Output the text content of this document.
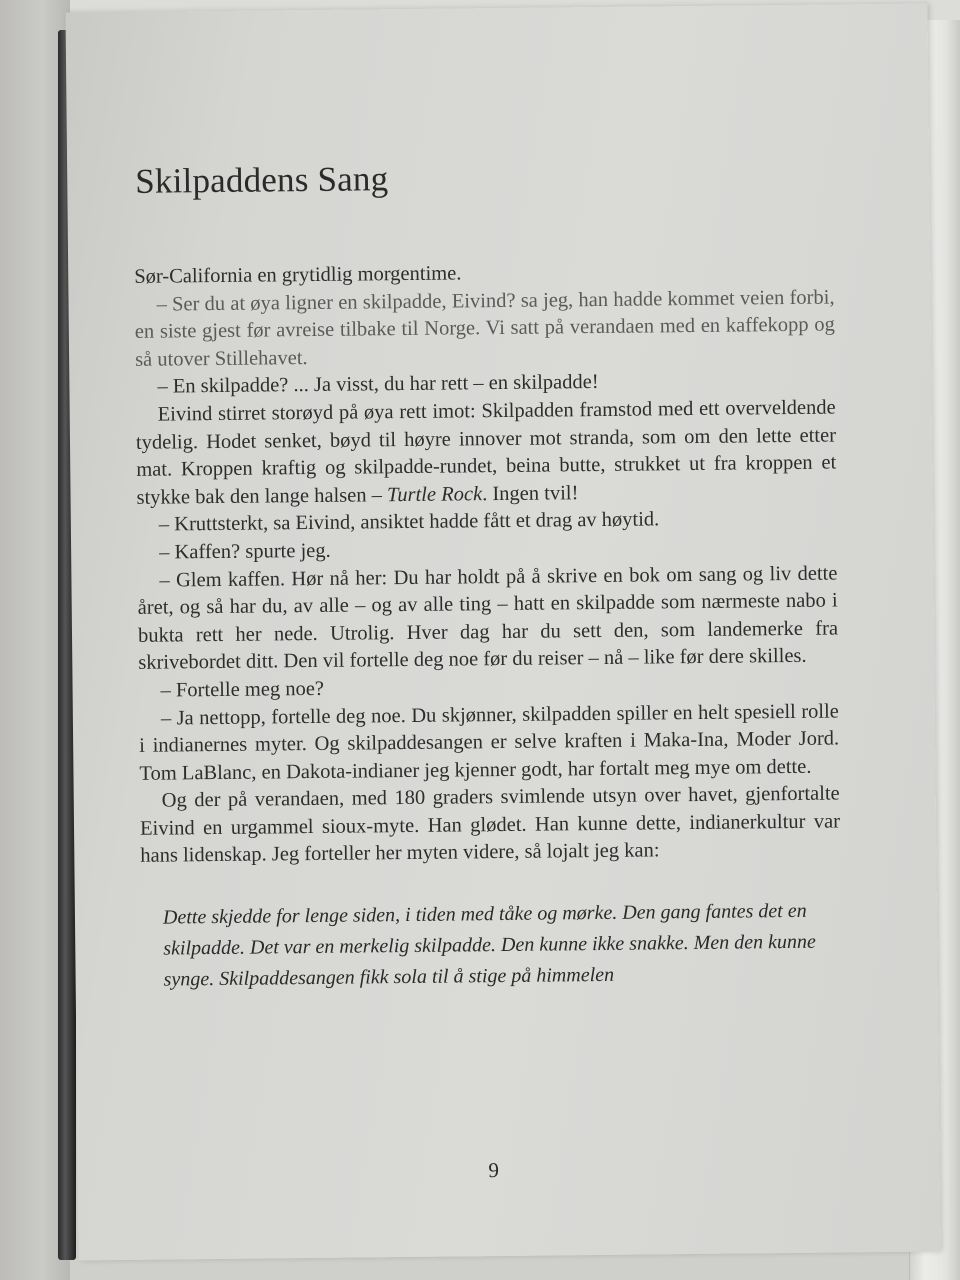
Skilpaddens Sang

Sør-California en grytidlig morgentime.

– Ser du at øya ligner en skilpadde, Eivind? sa jeg, han hadde kommet veien forbi, en siste gjest før avreise tilbake til Norge. Vi satt på verandaen med en kaffekopp og så utover Stillehavet.

– En skilpadde? ... Ja visst, du har rett – en skilpadde!

Eivind stirret storøyd på øya rett imot: Skilpadden framstod med ett overveldende tydelig. Hodet senket, bøyd til høyre innover mot stranda, som om den lette etter mat. Kroppen kraftig og skilpadde-rundet, beina butte, strukket ut fra kroppen et stykke bak den lange halsen – Turtle Rock. Ingen tvil!

– Kruttsterkt, sa Eivind, ansiktet hadde fått et drag av høytid.

– Kaffen? spurte jeg.

– Glem kaffen. Hør nå her: Du har holdt på å skrive en bok om sang og liv dette året, og så har du, av alle – og av alle ting – hatt en skilpadde som nærmeste nabo i bukta rett her nede. Utrolig. Hver dag har du sett den, som landemerke fra skrivebordet ditt. Den vil fortelle deg noe før du reiser – nå – like før dere skilles.

– Fortelle meg noe?

– Ja nettopp, fortelle deg noe. Du skjønner, skilpadden spiller en helt spesiell rolle i indianernes myter. Og skilpaddesangen er selve kraften i Maka-Ina, Moder Jord. Tom LaBlanc, en Dakota-indianer jeg kjenner godt, har fortalt meg mye om dette.

Og der på verandaen, med 180 graders svimlende utsyn over havet, gjenfortalte Eivind en urgammel sioux-myte. Han glødet. Han kunne dette, indianerkultur var hans lidenskap. Jeg forteller her myten videre, så lojalt jeg kan:

Dette skjedde for lenge siden, i tiden med tåke og mørke. Den gang fantes det en skilpadde. Det var en merkelig skilpadde. Den kunne ikke snakke. Men den kunne synge. Skilpaddesangen fikk sola til å stige på himmelen

9
